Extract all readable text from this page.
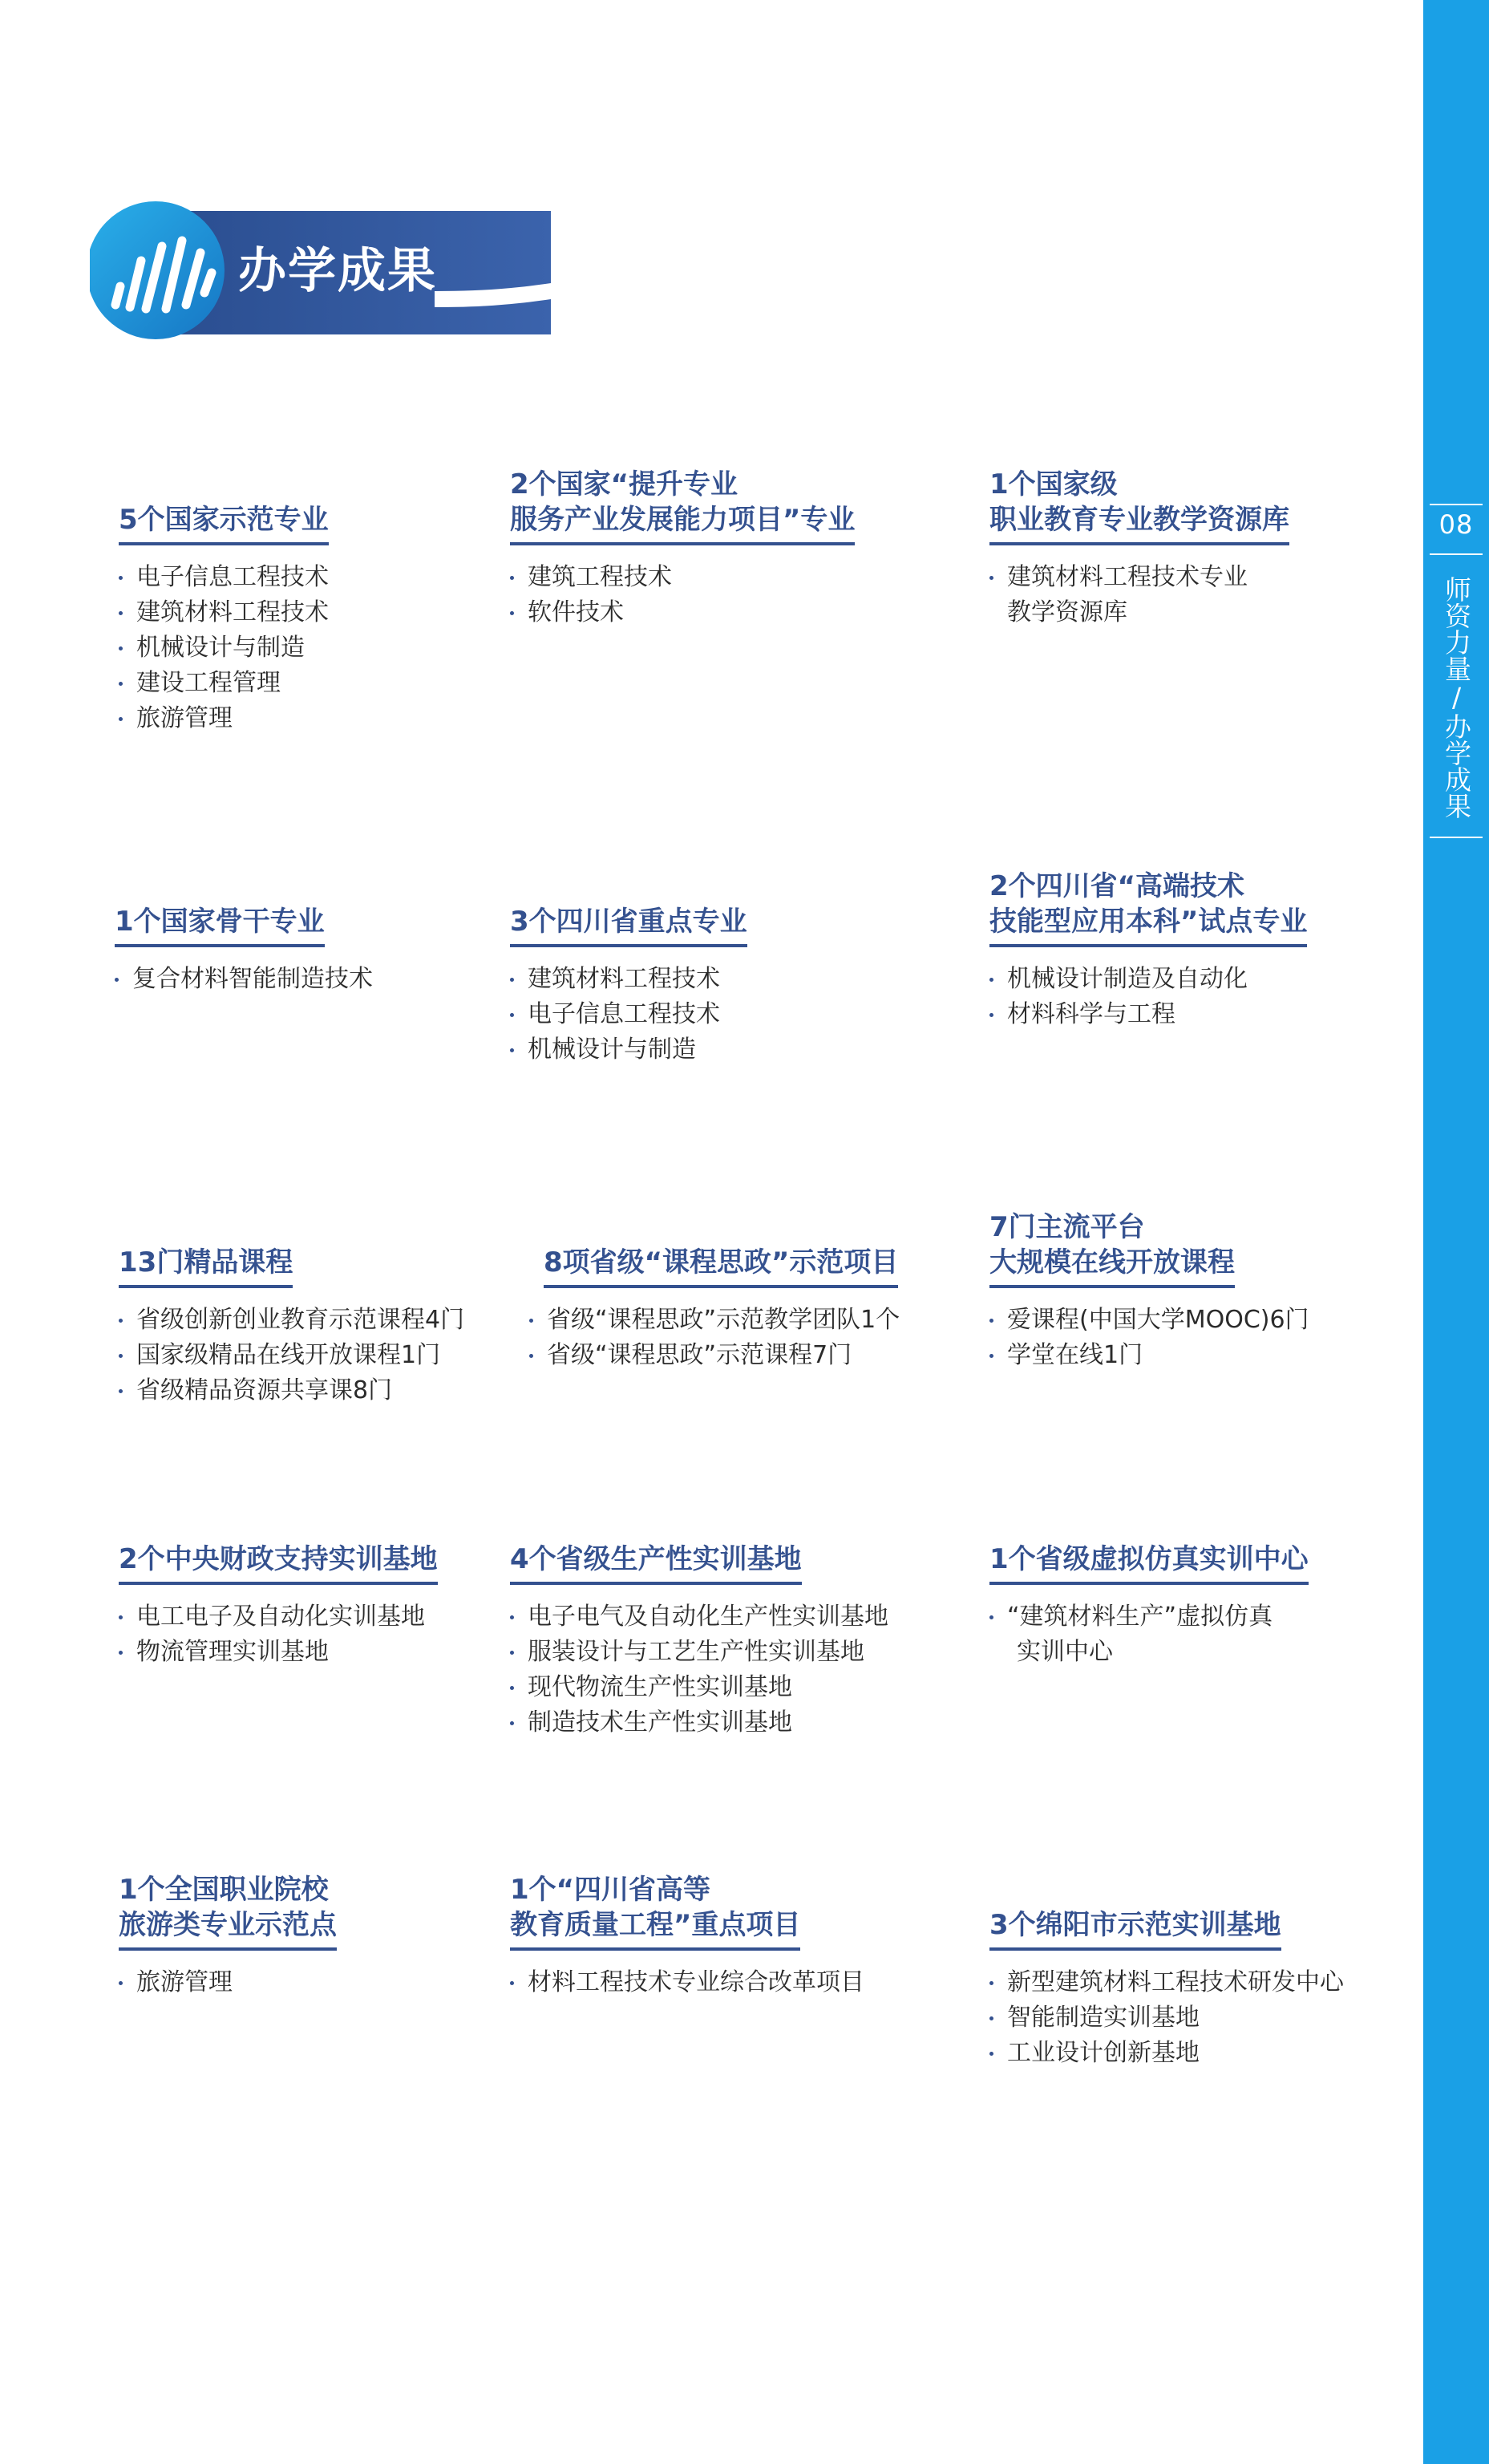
办学成果
5个国家示范专业
电子信息工程技术
建筑材料工程技术
机械设计与制造
建设工程管理
旅游管理
2个国家“提升专业
服务产业发展能力项目”专业
建筑工程技术
软件技术
1个国家级
职业教育专业教学资源库
建筑材料工程技术专业
教学资源库
1个国家骨干专业
复合材料智能制造技术
3个四川省重点专业
建筑材料工程技术
电子信息工程技术
机械设计与制造
2个四川省“高端技术
技能型应用本科”试点专业
机械设计制造及自动化
材料科学与工程
13门精品课程
省级创新创业教育示范课程4门
国家级精品在线开放课程1门
省级精品资源共享课8门
8项省级“课程思政”示范项目
省级“课程思政”示范教学团队1个
省级“课程思政”示范课程7门
7门主流平台
大规模在线开放课程
爱课程(中国大学MOOC)6门
学堂在线1门
2个中央财政支持实训基地
电工电子及自动化实训基地
物流管理实训基地
4个省级生产性实训基地
电子电气及自动化生产性实训基地
服装设计与工艺生产性实训基地
现代物流生产性实训基地
制造技术生产性实训基地
1个省级虚拟仿真实训中心
“建筑材料生产”虚拟仿真
实训中心
1个全国职业院校
旅游类专业示范点
旅游管理
1个“四川省高等
教育质量工程”重点项目
材料工程技术专业综合改革项目
3个绵阳市示范实训基地
新型建筑材料工程技术研发中心
智能制造实训基地
工业设计创新基地
08
师资力量/办学成果
